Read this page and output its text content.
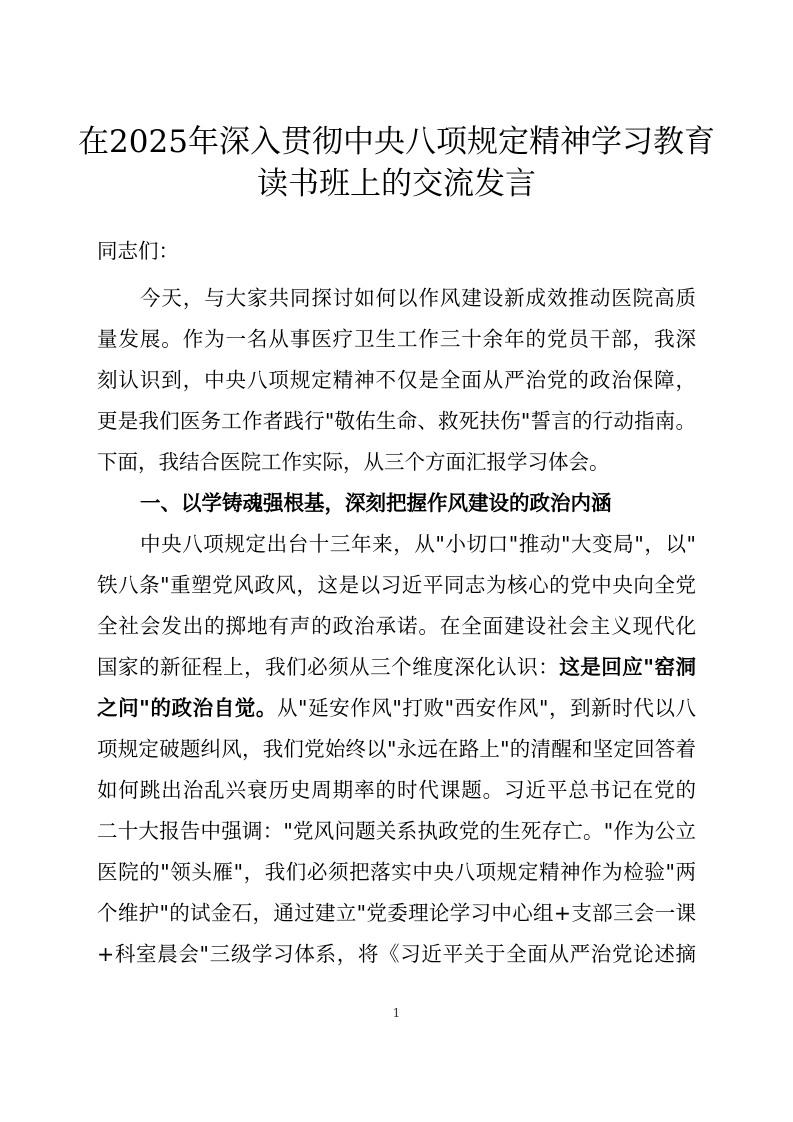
在2025年深入贯彻中央八项规定精神学习教育
读书班上的交流发言
同志们：
今天，与大家共同探讨如何以作风建设新成效推动医院高质
量发展。作为一名从事医疗卫生工作三十余年的党员干部，我深
刻认识到，中央八项规定精神不仅是全面从严治党的政治保障，
更是我们医务工作者践行"敬佑生命、救死扶伤"誓言的行动指南。
下面，我结合医院工作实际，从三个方面汇报学习体会。
一、以学铸魂强根基，深刻把握作风建设的政治内涵
中央八项规定出台十三年来，从"小切口"推动"大变局"，以"
铁八条"重塑党风政风，这是以习近平同志为核心的党中央向全党
全社会发出的掷地有声的政治承诺。在全面建设社会主义现代化
国家的新征程上，我们必须从三个维度深化认识：这是回应"窑洞
之问"的政治自觉。从"延安作风"打败"西安作风"，到新时代以八
项规定破题纠风，我们党始终以"永远在路上"的清醒和坚定回答着
如何跳出治乱兴衰历史周期率的时代课题。习近平总书记在党的
二十大报告中强调："党风问题关系执政党的生死存亡。"作为公立
医院的"领头雁"，我们必须把落实中央八项规定精神作为检验"两
个维护"的试金石，通过建立"党委理论学习中心组+支部三会一课
+科室晨会"三级学习体系，将《习近平关于全面从严治党论述摘
1
